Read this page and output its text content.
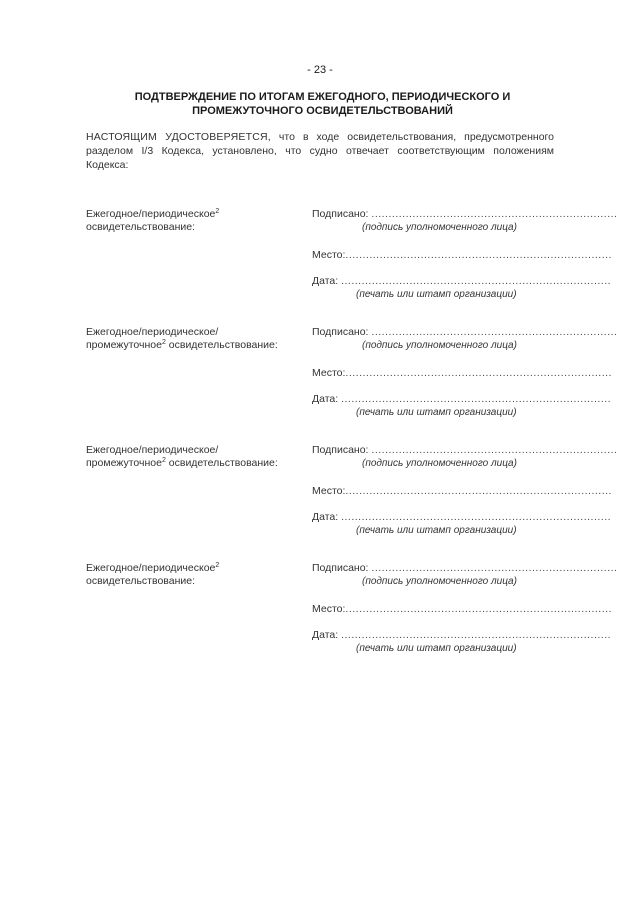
- 23 -
ПОДТВЕРЖДЕНИЕ ПО ИТОГАМ ЕЖЕГОДНОГО, ПЕРИОДИЧЕСКОГО И
ПРОМЕЖУТОЧНОГО ОСВИДЕТЕЛЬСТВОВАНИЙ
НАСТОЯЩИМ УДОСТОВЕРЯЕТСЯ, что в ходе освидетельствования, предусмотренного разделом I/3 Кодекса, установлено, что судно отвечает соответствующим положениям Кодекса:
Ежегодное/периодическое$^2$
освидетельствование:
Подписано: ........................................................................
(подпись уполномоченного лица)
Место:..............................................................................
Дата: ...............................................................................
(печать или штамп организации)
Ежегодное/периодическое/
промежуточное$^2$ освидетельствование:
Подписано: ........................................................................
(подпись уполномоченного лица)
Место:..............................................................................
Дата: ...............................................................................
(печать или штамп организации)
Ежегодное/периодическое/
промежуточное$^2$ освидетельствование:
Подписано: ........................................................................
(подпись уполномоченного лица)
Место:..............................................................................
Дата: ...............................................................................
(печать или штамп организации)
Ежегодное/периодическое$^2$
освидетельствование:
Подписано: ........................................................................
(подпись уполномоченного лица)
Место:..............................................................................
Дата: ...............................................................................
(печать или штамп организации)
